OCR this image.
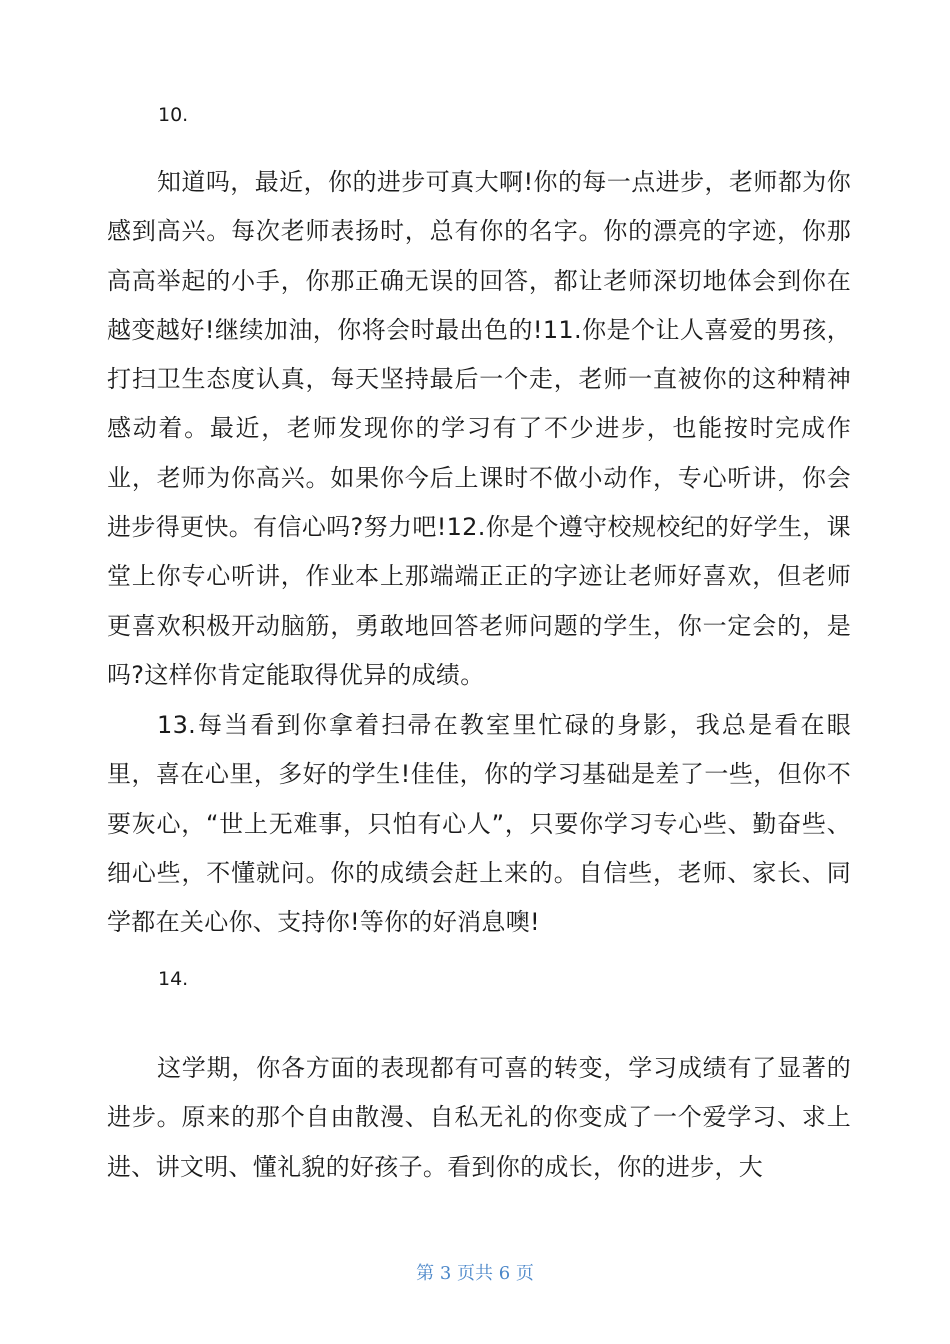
10.

知道吗，最近，你的进步可真大啊!你的每一点进步，老师都为你感到高兴。每次老师表扬时，总有你的名字。你的漂亮的字迹，你那高高举起的小手，你那正确无误的回答，都让老师深切地体会到你在越变越好!继续加油，你将会时最出色的!11.你是个让人喜爱的男孩，打扫卫生态度认真，每天坚持最后一个走，老师一直被你的这种精神感动着。最近，老师发现你的学习有了不少进步，也能按时完成作业，老师为你高兴。如果你今后上课时不做小动作，专心听讲，你会进步得更快。有信心吗?努力吧!12.你是个遵守校规校纪的好学生，课堂上你专心听讲，作业本上那端端正正的字迹让老师好喜欢，但老师更喜欢积极开动脑筋，勇敢地回答老师问题的学生，你一定会的，是吗?这样你肯定能取得优异的成绩。

13.每当看到你拿着扫帚在教室里忙碌的身影，我总是看在眼里，喜在心里，多好的学生!佳佳，你的学习基础是差了一些，但你不要灰心，“世上无难事，只怕有心人”，只要你学习专心些、勤奋些、细心些，不懂就问。你的成绩会赶上来的。自信些，老师、家长、同学都在关心你、支持你!等你的好消息噢!

14.

这学期，你各方面的表现都有可喜的转变，学习成绩有了显著的进步。原来的那个自由散漫、自私无礼的你变成了一个爱学习、求上进、讲文明、懂礼貌的好孩子。看到你的成长，你的进步，大

第 3 页共 6 页
